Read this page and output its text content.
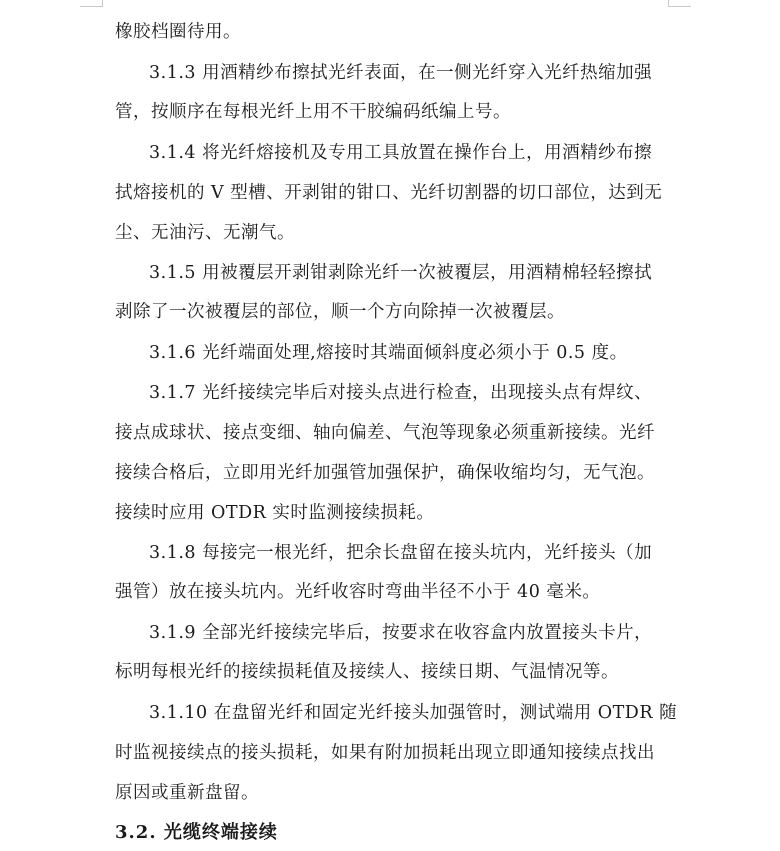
橡胶档圈待用。
3.1.3 用酒精纱布擦拭光纤表面，在一侧光纤穿入光纤热缩加强
管，按顺序在每根光纤上用不干胶编码纸编上号。
3.1.4 将光纤熔接机及专用工具放置在操作台上，用酒精纱布擦
拭熔接机的 V 型槽、开剥钳的钳口、光纤切割器的切口部位，达到无
尘、无油污、无潮气。
3.1.5 用被覆层开剥钳剥除光纤一次被覆层，用酒精棉轻轻擦拭
剥除了一次被覆层的部位，顺一个方向除掉一次被覆层。
3.1.6 光纤端面处理,熔接时其端面倾斜度必须小于 0.5 度。
3.1.7 光纤接续完毕后对接头点进行检查，出现接头点有焊纹、
接点成球状、接点变细、轴向偏差、气泡等现象必须重新接续。光纤
接续合格后，立即用光纤加强管加强保护，确保收缩均匀，无气泡。
接续时应用 OTDR 实时监测接续损耗。
3.1.8 每接完一根光纤，把余长盘留在接头坑内，光纤接头（加
强管）放在接头坑内。光纤收容时弯曲半径不小于 40 毫米。
3.1.9 全部光纤接续完毕后，按要求在收容盒内放置接头卡片，
标明每根光纤的接续损耗值及接续人、接续日期、气温情况等。
3.1.10 在盘留光纤和固定光纤接头加强管时，测试端用 OTDR 随
时监视接续点的接头损耗，如果有附加损耗出现立即通知接续点找出
原因或重新盘留。
3.2. 光缆终端接续
